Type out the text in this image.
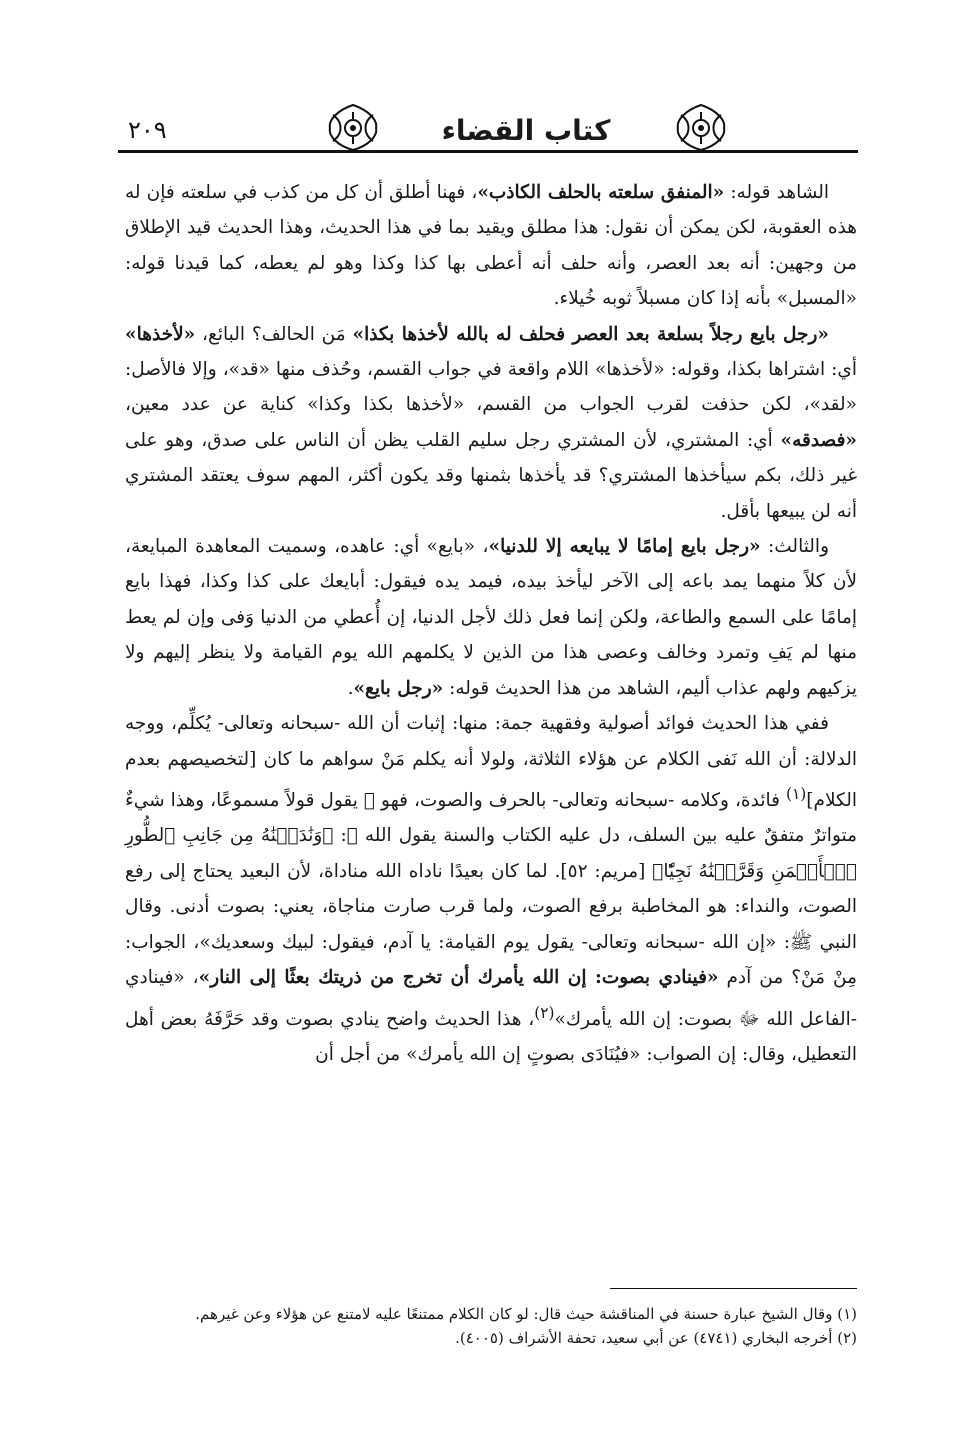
٢٠٩	كتاب القضاء

الشاهد قوله: «المنفق سلعته بالحلف الكاذب»، فهنا أطلق أن كل من كذب في سلعته فإن له هذه العقوبة، لكن يمكن أن نقول: هذا مطلق ويقيد بما في هذا الحديث، وهذا الحديث قيد الإطلاق من وجهين: أنه بعد العصر، وأنه حلف أنه أعطى بها كذا وكذا وهو لم يعطه، كما قيدنا قوله: «المسبل» بأنه إذا كان مسبلاً ثوبه خُيلاء.

«رجل بايع رجلاً بسلعة بعد العصر فحلف له بالله لأخذها بكذا» مَن الحالف؟ البائع، «لأخذها» أي: اشتراها بكذا، وقوله: «لأخذها» اللام واقعة في جواب القسم، وحُذف منها «قد»، وإلا فالأصل: «لقد»، لكن حذفت لقرب الجواب من القسم، «لأخذها بكذا وكذا» كناية عن عدد معين، «فصدقه» أي: المشتري، لأن المشتري رجل سليم القلب يظن أن الناس على صدق، وهو على غير ذلك، بكم سيأخذها المشتري؟ قد يأخذها بثمنها وقد يكون أكثر، المهم سوف يعتقد المشتري أنه لن يبيعها بأقل.

والثالث: «رجل بايع إمامًا لا يبايعه إلا للدنيا»، «بايع» أي: عاهده، وسميت المعاهدة المبايعة، لأن كلاً منهما يمد باعه إلى الآخر ليأخذ بيده، فيمد يده فيقول: أبايعك على كذا وكذا، فهذا بايع إمامًا على السمع والطاعة، ولكن إنما فعل ذلك لأجل الدنيا، إن أُعطي من الدنيا وَفى وإن لم يعط منها لم يَفِ وتمرد وخالف وعصى هذا من الذين لا يكلمهم الله يوم القيامة ولا ينظر إليهم ولا يزكيهم ولهم عذاب أليم، الشاهد من هذا الحديث قوله: «رجل بايع».

ففي هذا الحديث فوائد أصولية وفقهية جمة: منها: إثبات أن الله -سبحانه وتعالى- يُكلِّم، ووجه الدلالة: أن الله نَفى الكلام عن هؤلاء الثلاثة، ولولا أنه يكلم مَنْ سواهم ما كان [لتخصيصهم بعدم الكلام]$^{(١)}$ فائدة، وكلامه -سبحانه وتعالى- بالحرف والصوت، فهو ﷻ يقول قولاً مسموعًا، وهذا شيءٌ متواترٌ متفقٌ عليه بين السلف، دل عليه الكتاب والسنة يقول الله ﷻ: ﴿وَنَٰدَيۡنَٰهُ مِن جَانِبِ ٱلطُّورِ ٱلۡأَيۡمَنِ وَقَرَّبۡنَٰهُ نَجِيّٗا﴾ [مريم: ٥٢]. لما كان بعيدًا ناداه الله مناداة، لأن البعيد يحتاج إلى رفع الصوت، والنداء: هو المخاطبة برفع الصوت، ولما قرب صارت مناجاة، يعني: بصوت أدنى. وقال النبي ﷺ: «إن الله -سبحانه وتعالى- يقول يوم القيامة: يا آدم، فيقول: لبيك وسعديك»، الجواب: مِنْ مَنْ؟ من آدم «فينادي بصوت: إن الله يأمرك أن تخرج من ذريتك بعثًا إلى النار»، «فينادي -الفاعل الله ﷻ بصوت: إن الله يأمرك»$^{(٢)}$، هذا الحديث واضح ينادي بصوت وقد حَرَّفَهُ بعض أهل التعطيل، وقال: إن الصواب: «فيُنَادَى بصوتٍ إن الله يأمرك» من أجل أن

(١) وقال الشيخ عبارة حسنة في المناقشة حيث قال: لو كان الكلام ممتنعًا عليه لامتنع عن هؤلاء وعن غيرهم.

(٢) أخرجه البخاري (٤٧٤١) عن أبي سعيد، تحفة الأشراف (٤٠٠٥).
